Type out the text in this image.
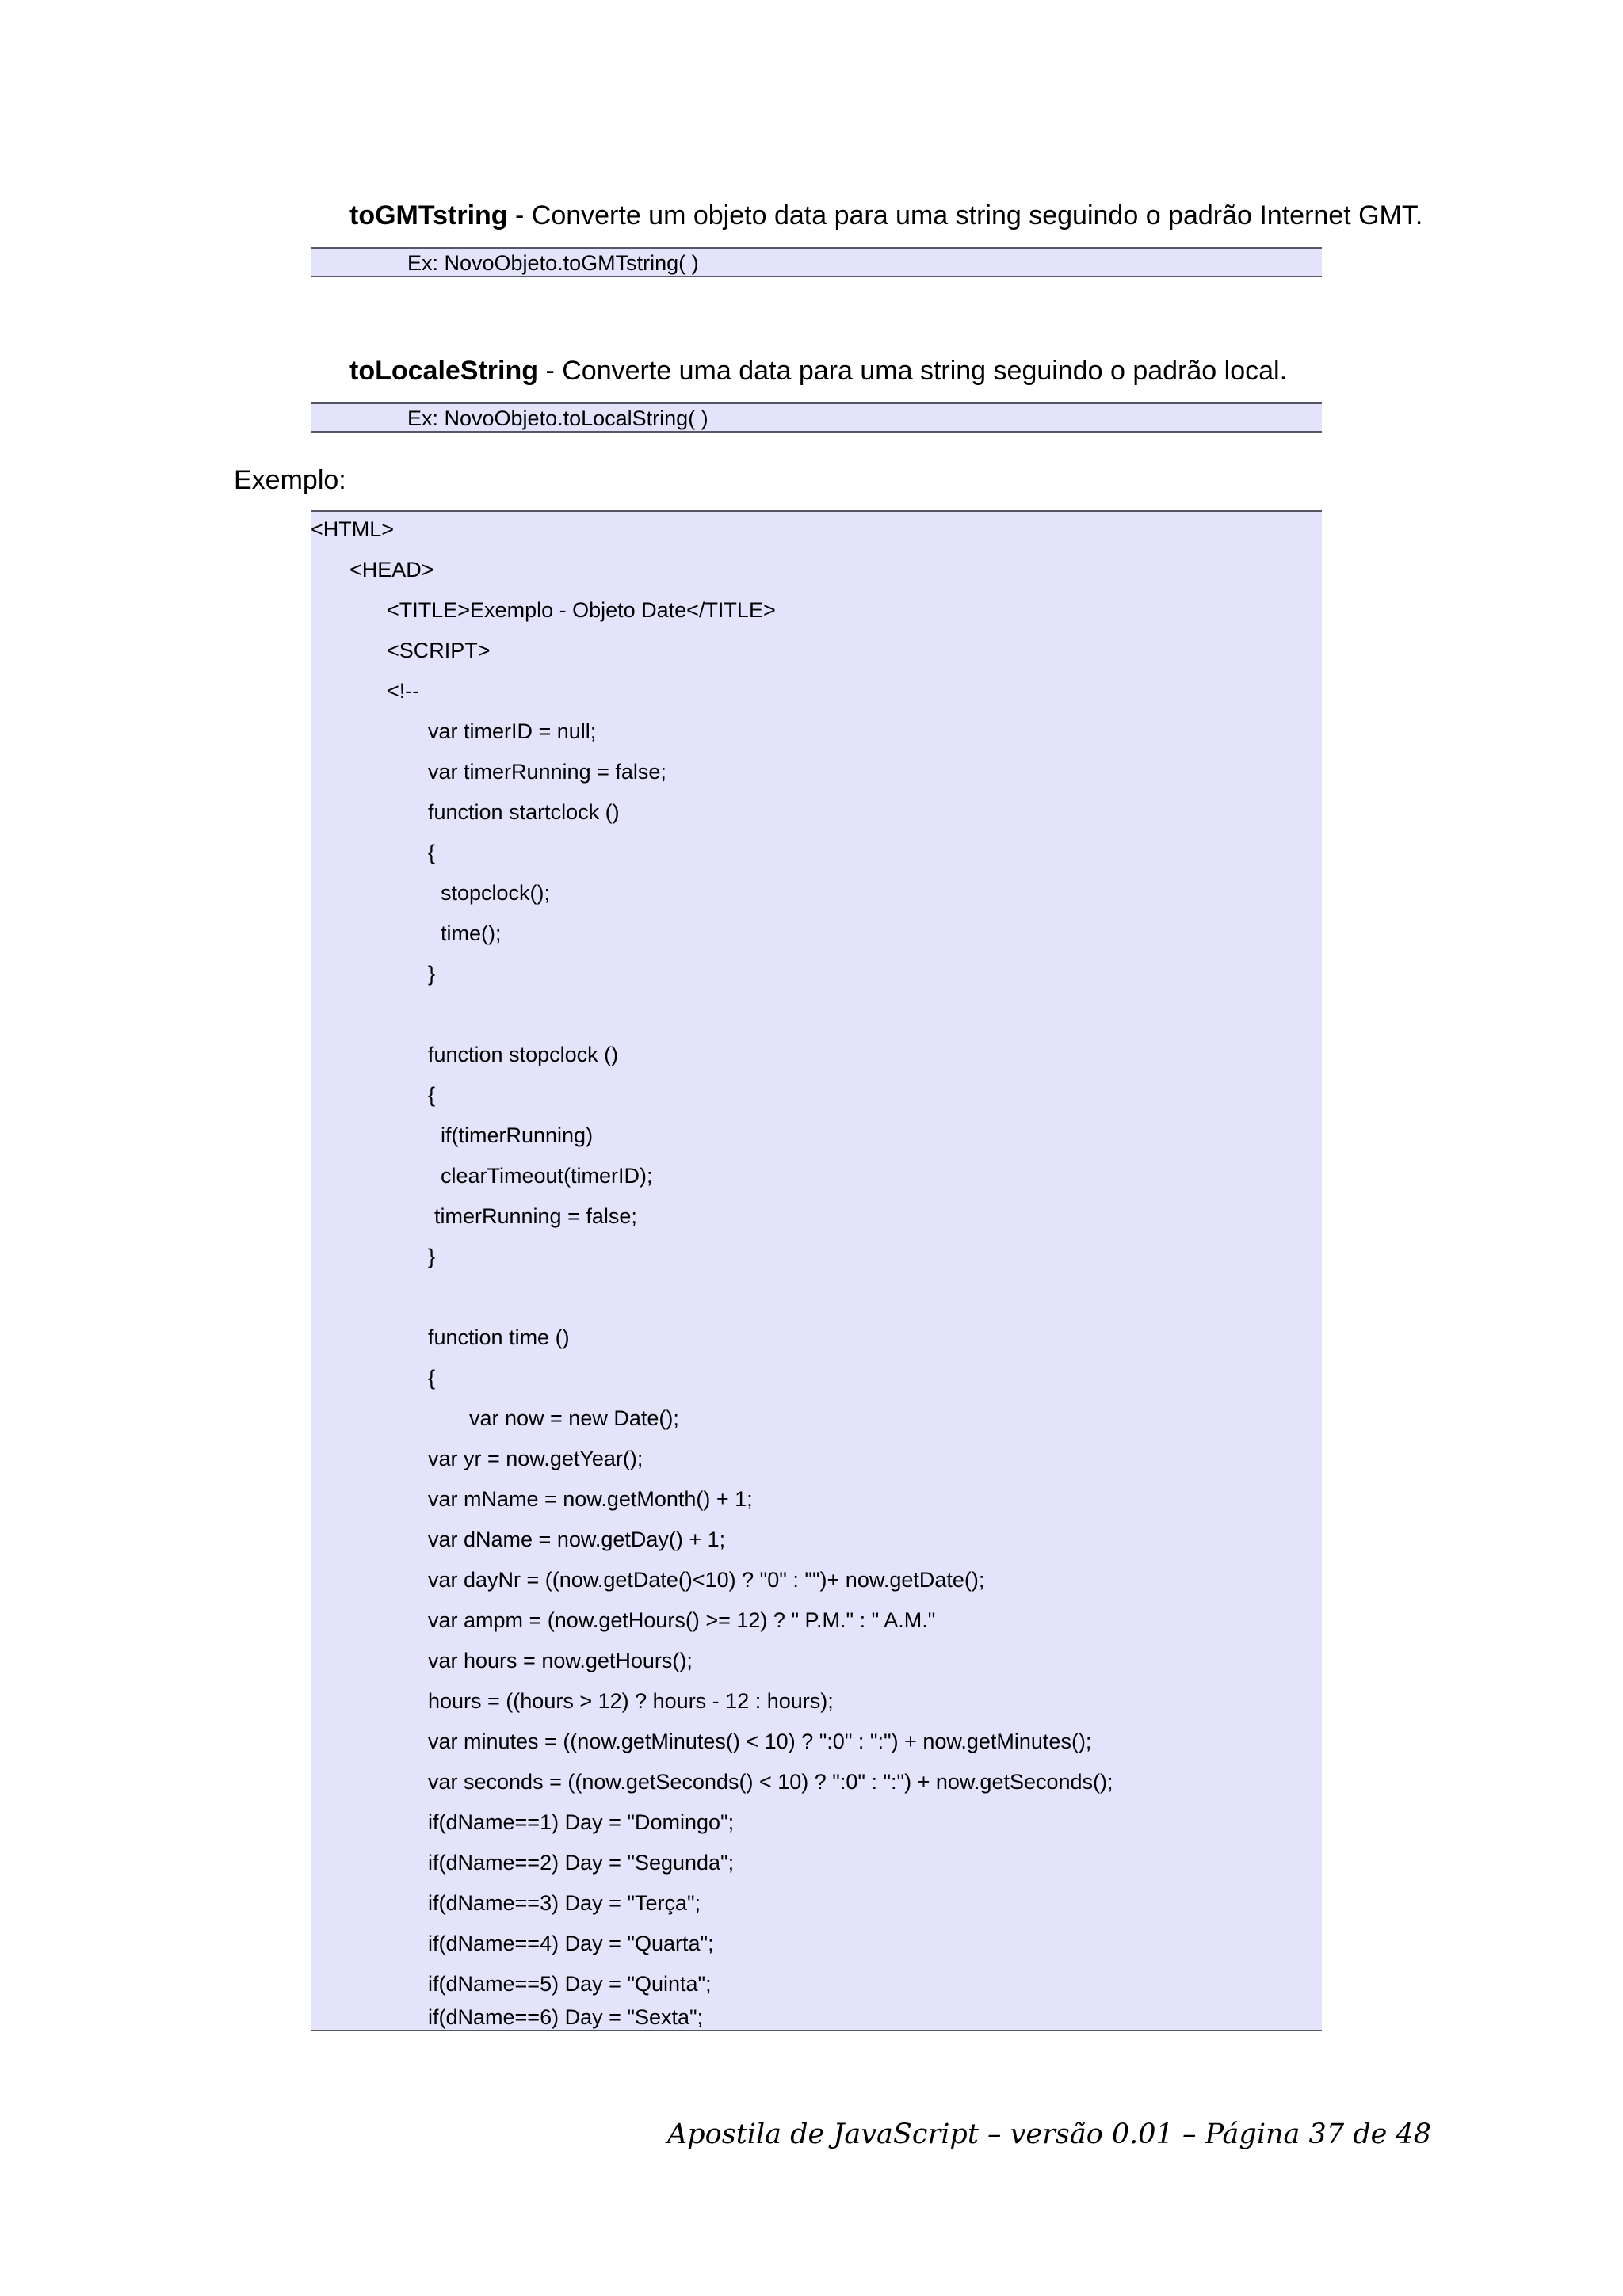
toGMTstring - Converte um objeto data para uma string seguindo o padrão Internet GMT.
Ex: NovoObjeto.toGMTstring( )
toLocaleString - Converte uma data para uma string seguindo o padrão local.
Ex: NovoObjeto.toLocalString( )
Exemplo:
<HTML>
<HEAD>
<TITLE>Exemplo - Objeto Date</TITLE>
<SCRIPT>
<!--
var timerID = null;
var timerRunning = false;
function startclock ()
{
stopclock();
time();
}
function stopclock ()
{
if(timerRunning)
clearTimeout(timerID);
timerRunning = false;
}
function time ()
{
var now = new Date();
var yr = now.getYear();
var mName = now.getMonth() + 1;
var dName = now.getDay() + 1;
var dayNr = ((now.getDate()<10) ? "0" : "")+ now.getDate();
var ampm = (now.getHours() >= 12) ? " P.M." : " A.M."
var hours = now.getHours();
hours = ((hours > 12) ? hours - 12 : hours);
var minutes = ((now.getMinutes() < 10) ? ":0" : ":") + now.getMinutes();
var seconds = ((now.getSeconds() < 10) ? ":0" : ":") + now.getSeconds();
if(dName==1) Day = "Domingo";
if(dName==2) Day = "Segunda";
if(dName==3) Day = "Terça";
if(dName==4) Day = "Quarta";
if(dName==5) Day = "Quinta";
if(dName==6) Day = "Sexta";
Apostila de JavaScript – versão 0.01 – Página 37 de 48
